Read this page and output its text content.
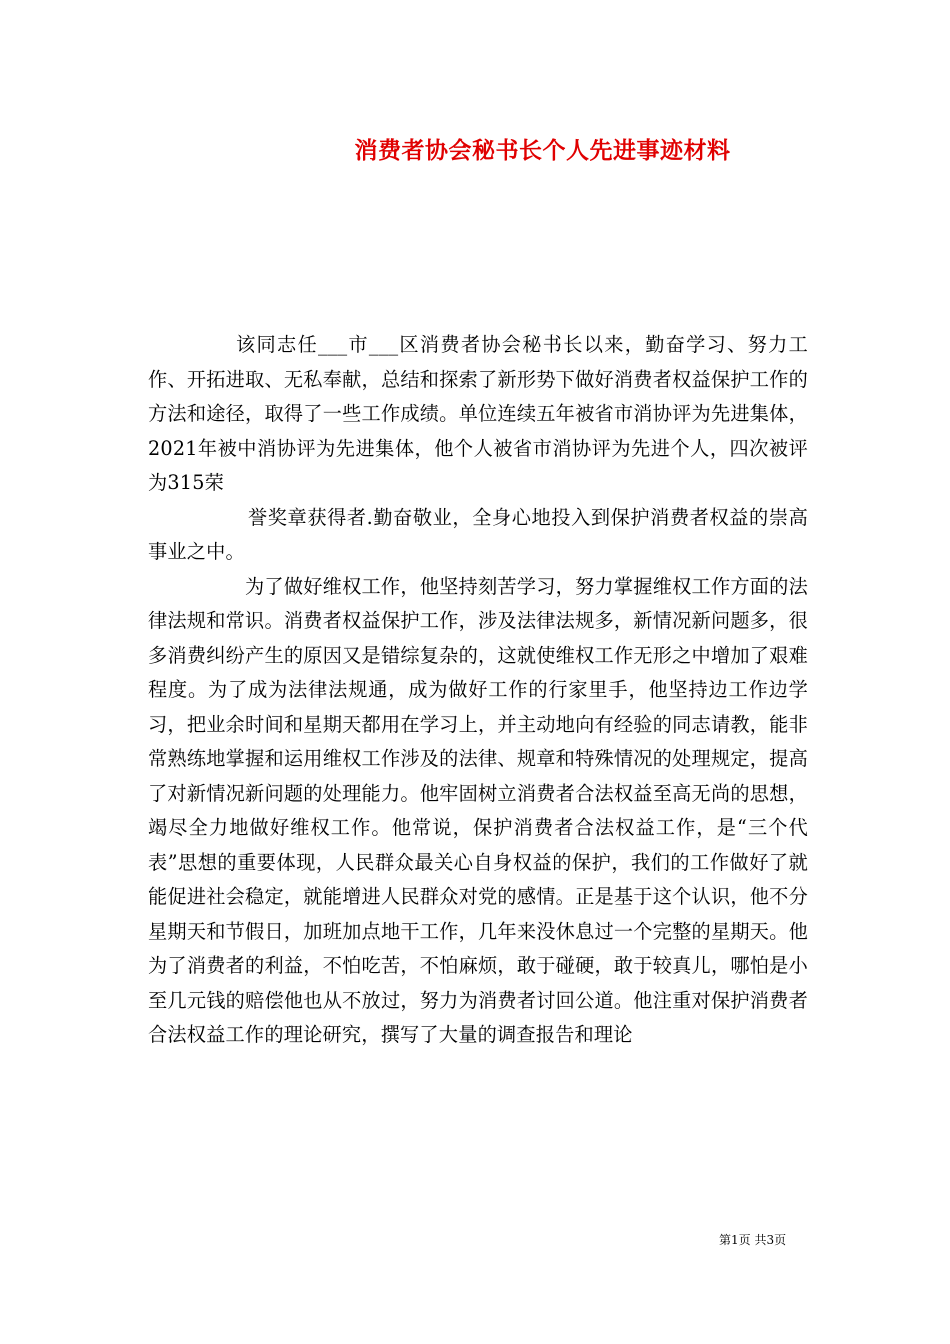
消费者协会秘书长个人先进事迹材料

该同志任___市___区消费者协会秘书长以来，勤奋学习、努力工作、开拓进取、无私奉献，总结和探索了新形势下做好消费者权益保护工作的方法和途径，取得了一些工作成绩。单位连续五年被省市消协评为先进集体，2021年被中消协评为先进集体，他个人被省市消协评为先进个人，四次被评为315荣

誉奖章获得者.勤奋敬业，全身心地投入到保护消费者权益的崇高事业之中。

为了做好维权工作，他坚持刻苦学习，努力掌握维权工作方面的法律法规和常识。消费者权益保护工作，涉及法律法规多，新情况新问题多，很多消费纠纷产生的原因又是错综复杂的，这就使维权工作无形之中增加了艰难程度。为了成为法律法规通，成为做好工作的行家里手，他坚持边工作边学习，把业余时间和星期天都用在学习上，并主动地向有经验的同志请教，能非常熟练地掌握和运用维权工作涉及的法律、规章和特殊情况的处理规定，提高了对新情况新问题的处理能力。他牢固树立消费者合法权益至高无尚的思想，竭尽全力地做好维权工作。他常说，保护消费者合法权益工作，是“三个代表”思想的重要体现，人民群众最关心自身权益的保护，我们的工作做好了就能促进社会稳定，就能增进人民群众对党的感情。正是基于这个认识，他不分星期天和节假日，加班加点地干工作，几年来没休息过一个完整的星期天。他为了消费者的利益，不怕吃苦，不怕麻烦，敢于碰硬，敢于较真儿，哪怕是小至几元钱的赔偿他也从不放过，努力为消费者讨回公道。他注重对保护消费者合法权益工作的理论研究，撰写了大量的调查报告和理论

第1页 共3页
